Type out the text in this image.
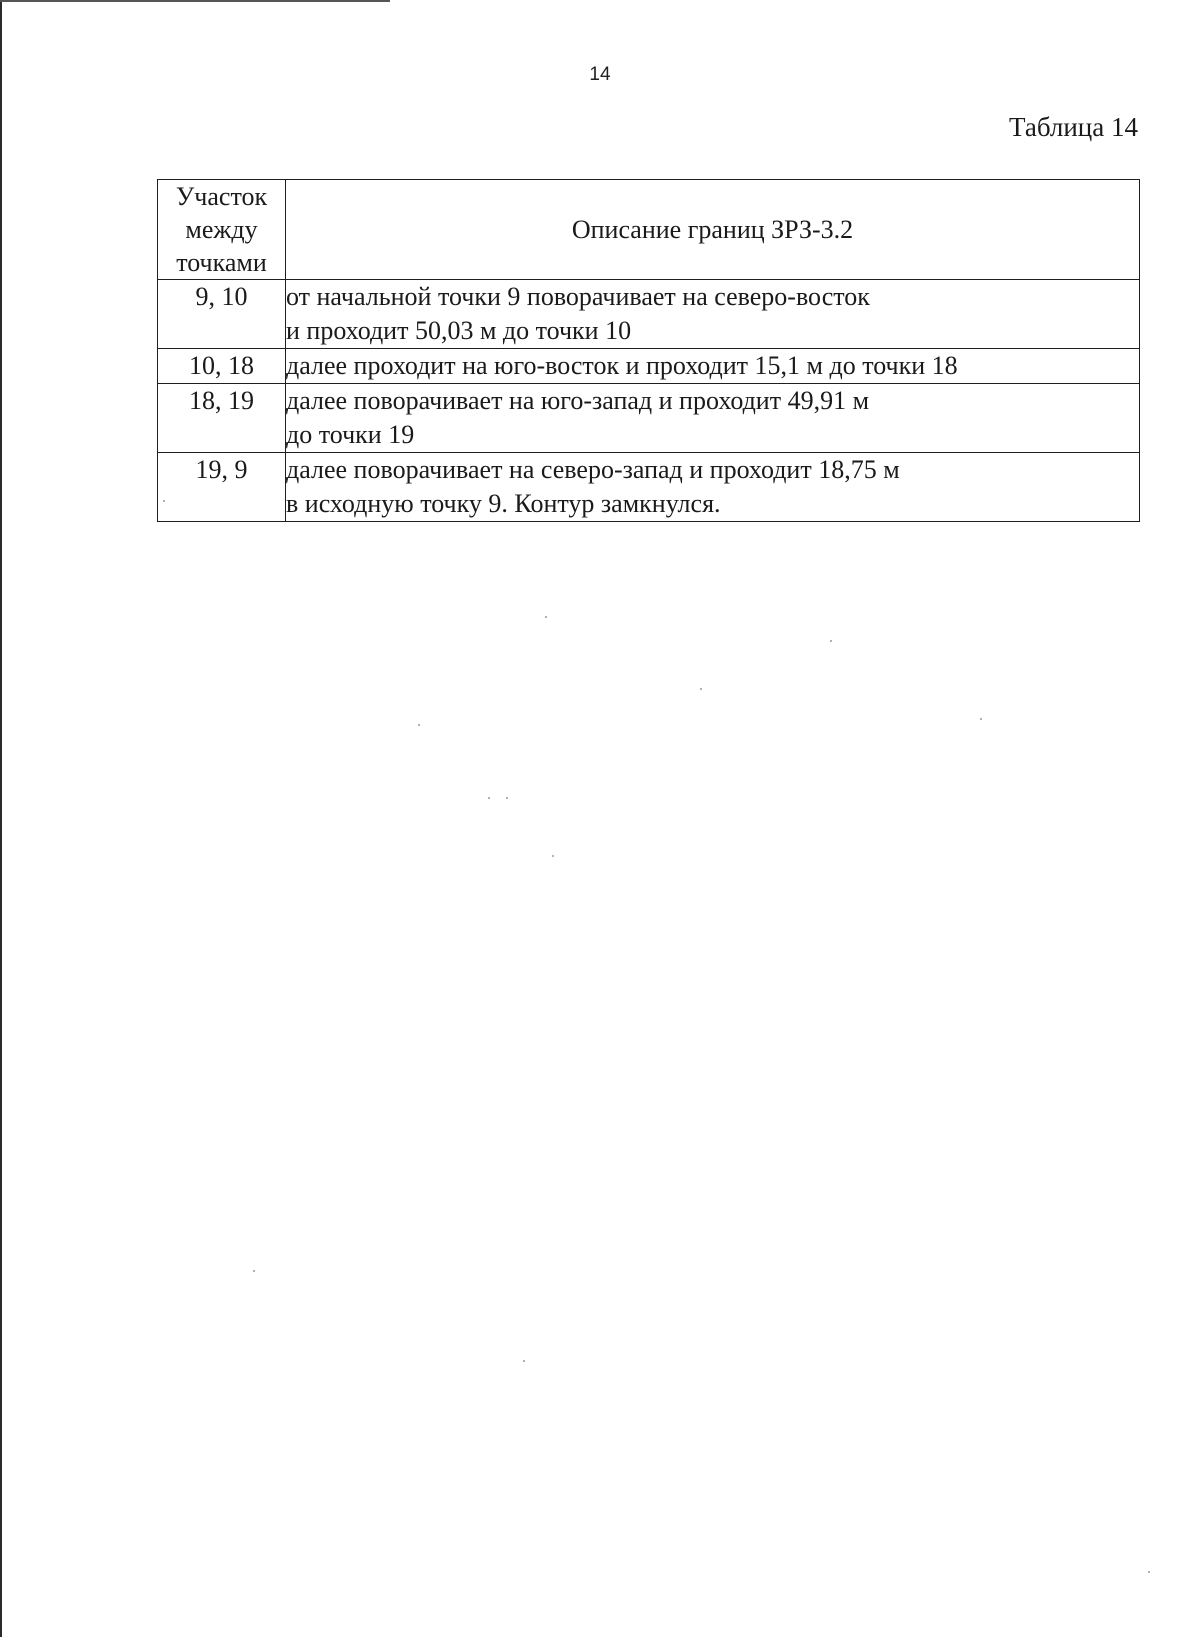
14
Таблица 14
Участок
между
точками	Описание границ ЗРЗ-3.2
9, 10	от начальной точки 9 поворачивает на северо-восток
и проходит 50,03 м до точки 10

10, 18	далее проходит на юго-восток и проходит 15,1 м до точки 18

18, 19	далее поворачивает на юго-запад и проходит 49,91 м
до точки 19

19, 9	далее поворачивает на северо-запад и проходит 18,75 м
в исходную точку 9. Контур замкнулся.
